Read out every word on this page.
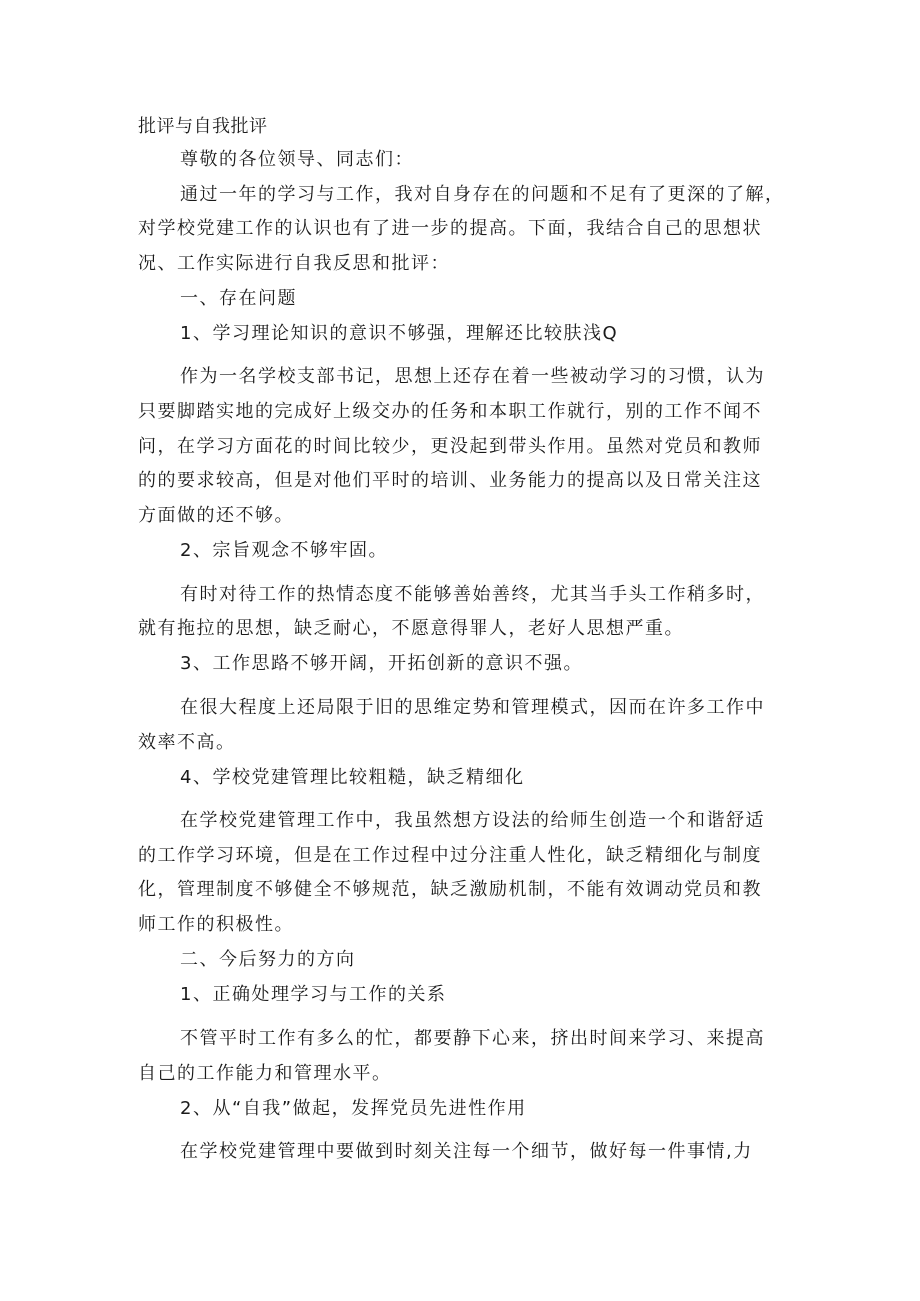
批评与自我批评
尊敬的各位领导、同志们：
通过一年的学习与工作，我对自身存在的问题和不足有了更深的了解，
对学校党建工作的认识也有了进一步的提高。下面，我结合自己的思想状
况、工作实际进行自我反思和批评：
一、存在问题
1、学习理论知识的意识不够强，理解还比较肤浅Q
作为一名学校支部书记，思想上还存在着一些被动学习的习惯，认为
只要脚踏实地的完成好上级交办的任务和本职工作就行，别的工作不闻不
问，在学习方面花的时间比较少，更没起到带头作用。虽然对党员和教师
的的要求较高，但是对他们平时的培训、业务能力的提高以及日常关注这
方面做的还不够。
2、宗旨观念不够牢固。
有时对待工作的热情态度不能够善始善终，尤其当手头工作稍多时，
就有拖拉的思想，缺乏耐心，不愿意得罪人，老好人思想严重。
3、工作思路不够开阔，开拓创新的意识不强。
在很大程度上还局限于旧的思维定势和管理模式，因而在许多工作中
效率不高。
4、学校党建管理比较粗糙，缺乏精细化
在学校党建管理工作中，我虽然想方设法的给师生创造一个和谐舒适
的工作学习环境，但是在工作过程中过分注重人性化，缺乏精细化与制度
化，管理制度不够健全不够规范，缺乏激励机制，不能有效调动党员和教
师工作的积极性。
二、今后努力的方向
1、正确处理学习与工作的关系
不管平时工作有多么的忙，都要静下心来，挤出时间来学习、来提高
自己的工作能力和管理水平。
2、从“自我”做起，发挥党员先进性作用
在学校党建管理中要做到时刻关注每一个细节，做好每一件事情,力
